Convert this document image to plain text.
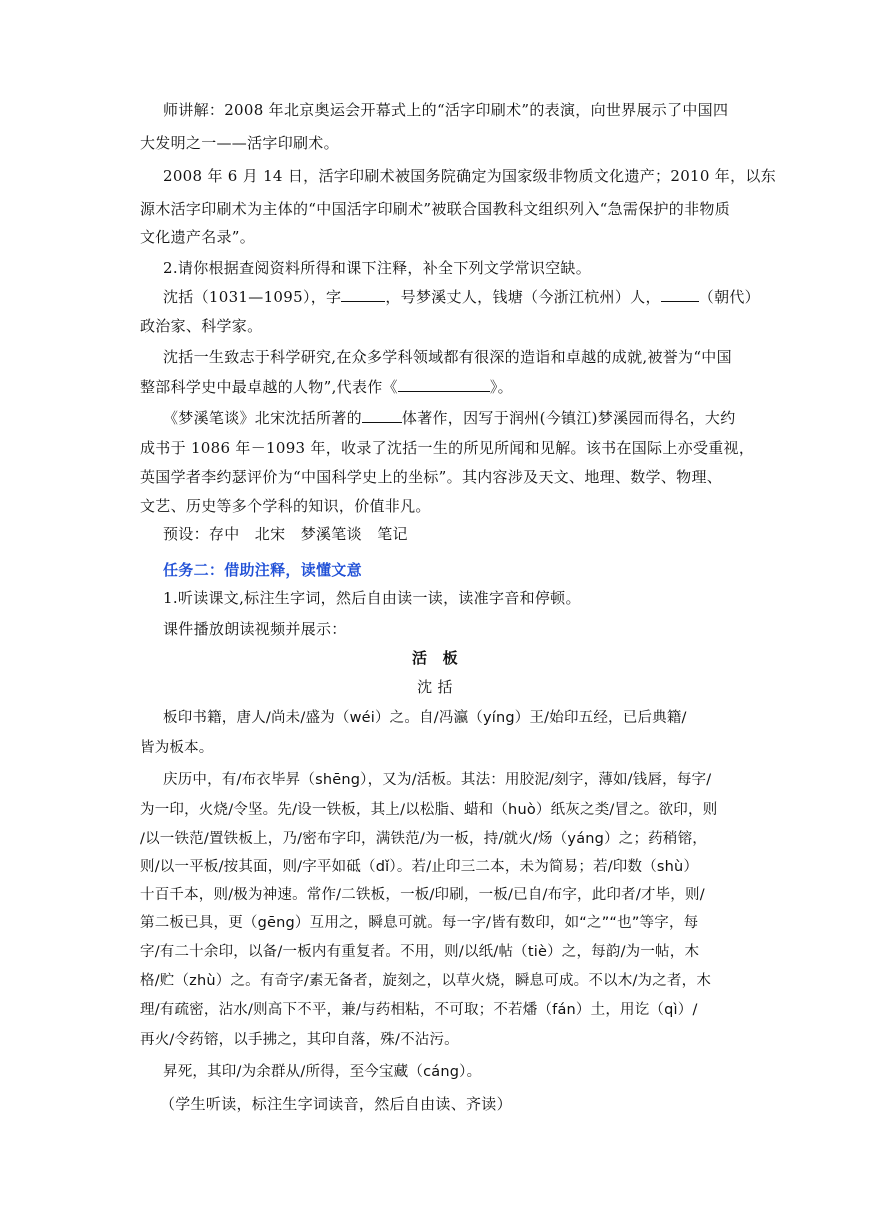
师讲解：2008 年北京奥运会开幕式上的“活字印刷术”的表演，向世界展示了中国四
大发明之一——活字印刷术。
2008 年 6 月 14 日，活字印刷术被国务院确定为国家级非物质文化遗产；2010 年，以东
源木活字印刷术为主体的“中国活字印刷术”被联合国教科文组织列入“急需保护的非物质
文化遗产名录”。
2.请你根据查阅资料所得和课下注释，补全下列文学常识空缺。
沈括（1031—1095），字	，号梦溪丈人，钱塘（今浙江杭州）人，	（朝代）
政治家、科学家。
沈括一生致志于科学研究,在众多学科领域都有很深的造诣和卓越的成就,被誉为“中国
整部科学史中最卓越的人物”,代表作《	》。
《梦溪笔谈》北宋沈括所著的	体著作，因写于润州(今镇江)梦溪园而得名，大约
成书于 1086 年－1093 年，收录了沈括一生的所见所闻和见解。该书在国际上亦受重视，
英国学者李约瑟评价为“中国科学史上的坐标”。其内容涉及天文、地理、数学、物理、
文艺、历史等多个学科的知识，价值非凡。
预设：存中　北宋　梦溪笔谈　笔记
任务二：借助注释，读懂文意
1.听读课文,标注生字词，然后自由读一读，读准字音和停顿。
课件播放朗读视频并展示：
活　板
沈 括
板印书籍，唐人/尚未/盛为（wéi）之。自/冯瀛（yíng）王/始印五经，已后典籍/
皆为板本。
庆历中，有/布衣毕昇（shēng），又为/活板。其法：用胶泥/刻字，薄如/钱唇，每字/
为一印，火烧/令坚。先/设一铁板，其上/以松脂、蜡和（huò）纸灰之类/冒之。欲印，则
/以一铁范/置铁板上，乃/密布字印，满铁范/为一板，持/就火/炀（yáng）之；药稍镕，
则/以一平板/按其面，则/字平如砥（dǐ）。若/止印三二本，未为简易；若/印数（shù）
十百千本，则/极为神速。常作/二铁板，一板/印刷，一板/已自/布字，此印者/才毕，则/
第二板已具，更（gēng）互用之，瞬息可就。每一字/皆有数印，如“之”“也”等字，每
字/有二十余印，以备/一板内有重复者。不用，则/以纸/帖（tiè）之，每韵/为一帖，木
格/贮（zhù）之。有奇字/素无备者，旋刻之，以草火烧，瞬息可成。不以木/为之者，木
理/有疏密，沾水/则高下不平，兼/与药相粘，不可取；不若燔（fán）土，用讫（qì）/
再火/令药镕，以手拂之，其印自落，殊/不沾污。
昇死，其印/为余群从/所得，至今宝藏（cáng）。
（学生听读，标注生字词读音，然后自由读、齐读）
